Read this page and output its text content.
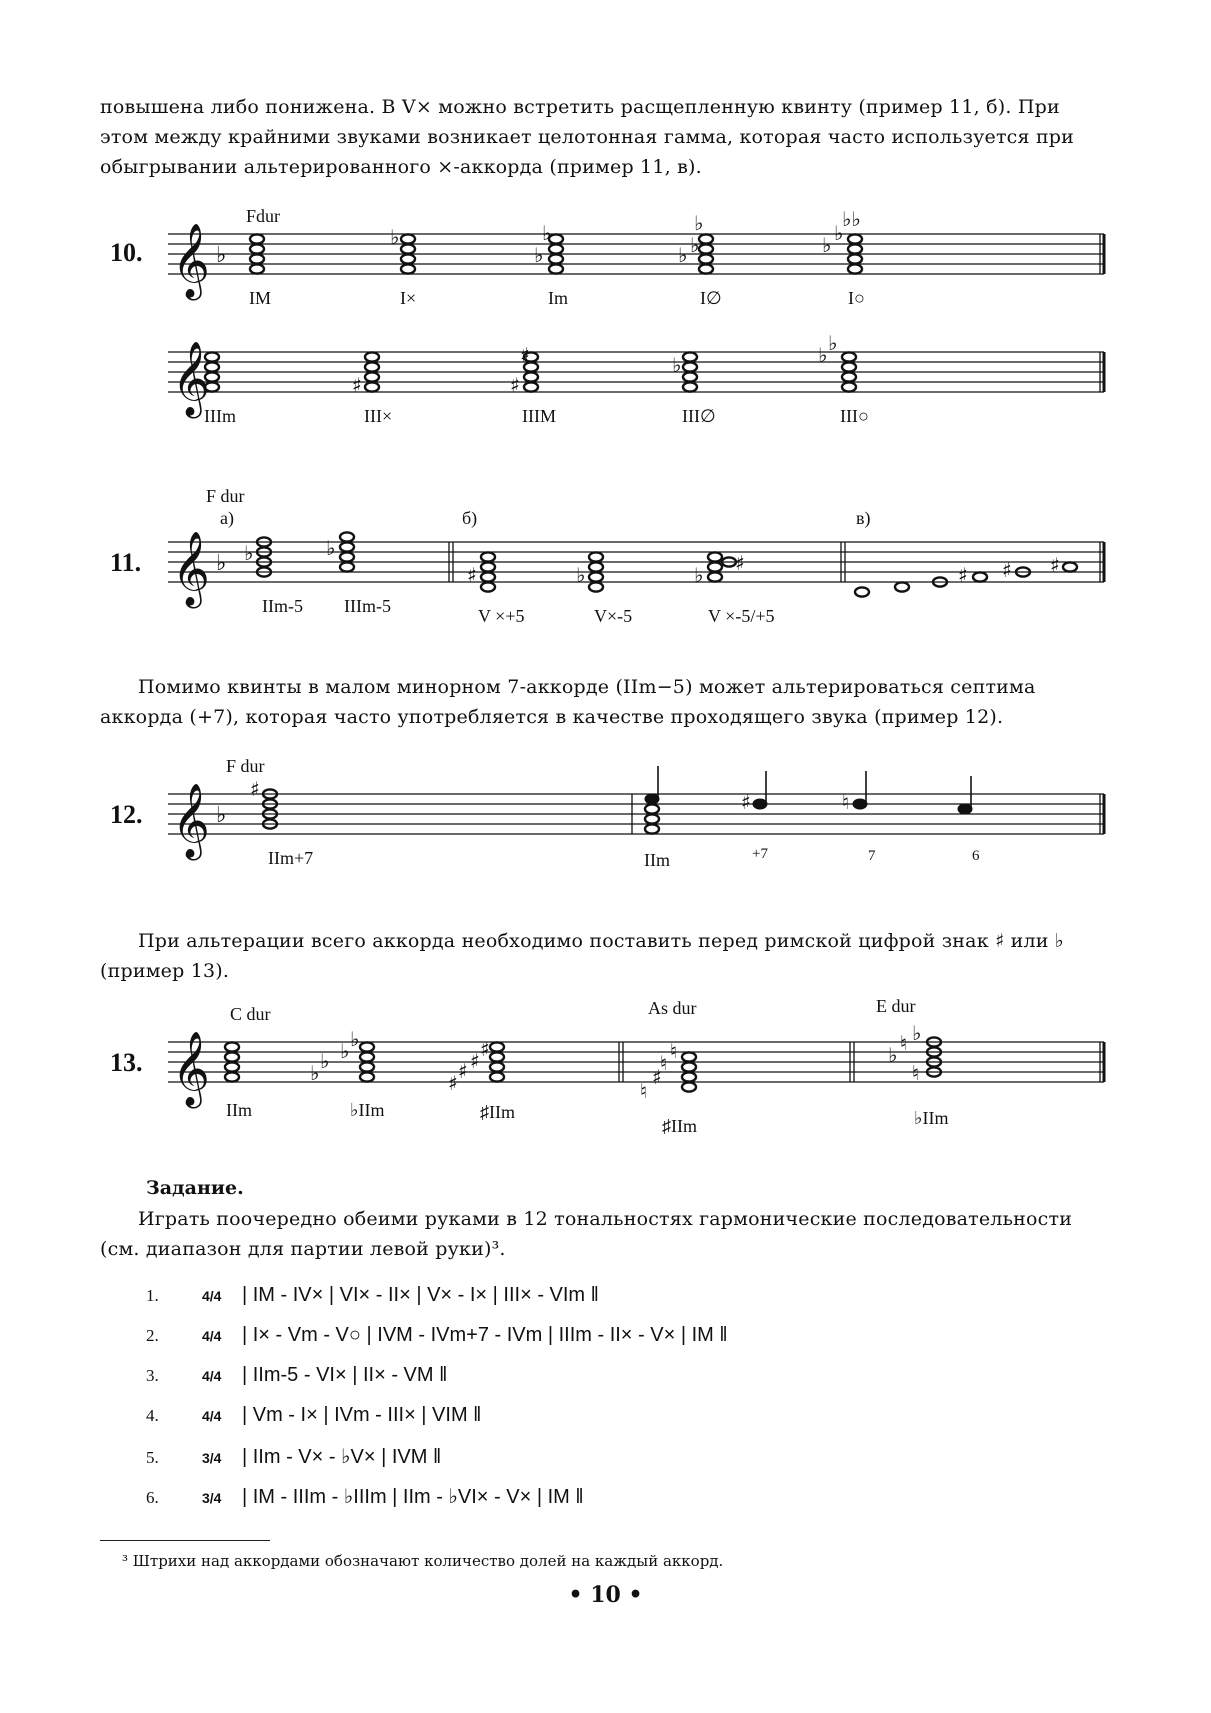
повышена либо понижена. В V× можно встретить расщепленную квинту (пример 11, б). При
этом между крайними звуками возникает целотонная гамма, которая часто используется при
обыгрывании альтерированного ×-аккорда (пример 11, в).
𝄞
𝄞
𝄞
𝄞
𝄞
♭
♭
♭
♭
♭
♭
♭ ♭
♭
♭ ♭
♭♭
♯	♯
♯	♭	♭ ♭
♭	♭
♯	♭	♭ ♯	♯ ♯ ♯
♯
♯	♮
♭ ♭ ♭ ♭
♯ ♯ ♯ ♯
♮
♯
♮ ♮	♭ ♮ ♭
♮
10.
11.
12.
13.
Fdur
IM	I×	Im	I∅	I○
IIIm	III×	IIIM	III∅	III○
F dur
а)	б)	в)
IIm-5 IIIm-5	V ×+5	V×-5	V ×-5/+5
Помимо квинты в малом минорном 7-аккорде (IIm−5) может альтерироваться септима
аккорда (+7), которая часто употребляется в качестве проходящего звука (пример 12).
F dur
IIm+7	IIm	+7	7	6
При альтерации всего аккорда необходимо поставить перед римской цифрой знак ♯ или ♭
(пример 13).
C dur	As dur	E dur
IIm	♭IIm	♯IIm
♯IIm	♭IIm
Задание.
Играть поочередно обеими руками в 12 тональностях гармонические последовательности
(см. диапазон для партии левой руки)³.
1.	4/4 | IM - IV× | VI× - II× | V× - I× | III× - VIm ‖
2.	4/4 | I× - Vm - V○ | IVM - IVm+7 - IVm | IIIm - II× - V× | IM ‖
3.	4/4 | IIm-5 - VI× | II× - VM ‖
4.	4/4 | Vm - I× | IVm - III× | VIM ‖
5.	3/4 | IIm - V× - ♭V× | IVM ‖
6.	3/4 | IM - IIIm - ♭IIIm | IIm - ♭VI× - V× | IM ‖
³ Штрихи над аккордами обозначают количество долей на каждый аккорд.
• 10 •
